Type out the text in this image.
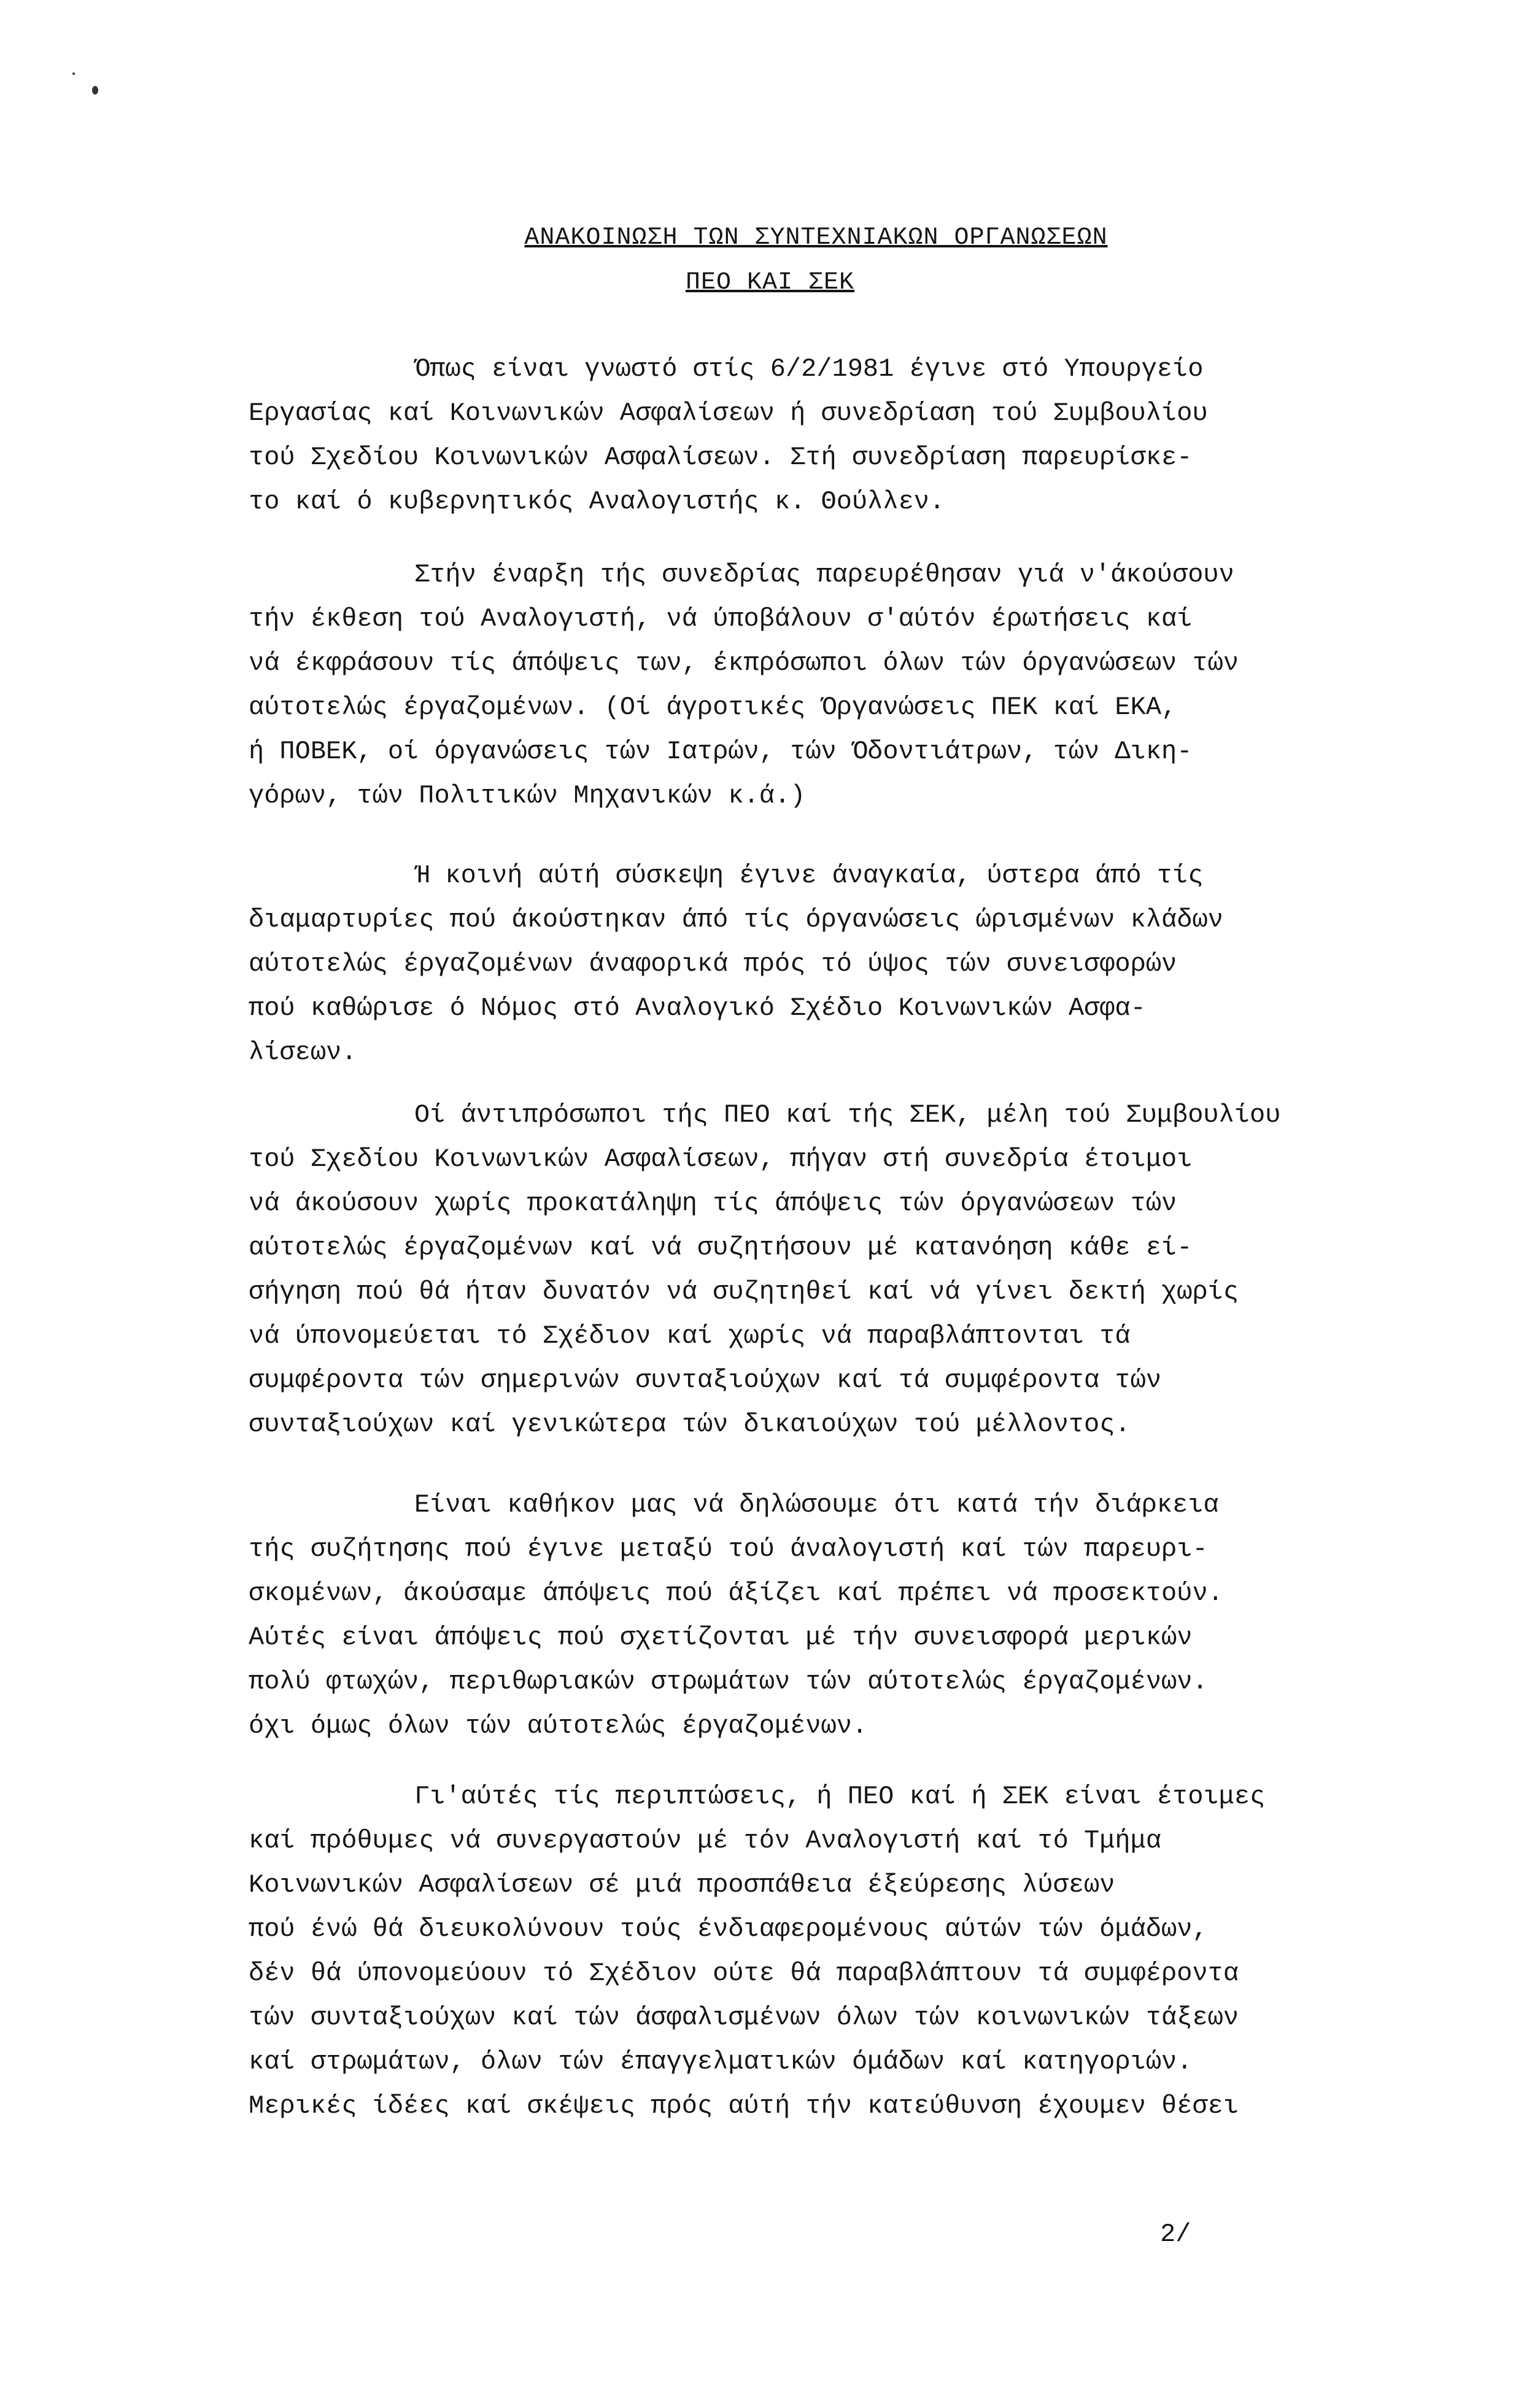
ΑΝΑΚΟΙΝΩΣΗ ΤΩΝ ΣΥΝΤΕΧΝΙΑΚΩΝ ΟΡΓΑΝΩΣΕΩΝ
ΠΕΟ ΚΑΙ ΣΕΚ
Όπως είναι γνωστό στίς 6/2/1981 έγινε στό Υπουργείο
Εργασίας καί Κοινωνικών Ασφαλίσεων ή συνεδρίαση τού Συμβουλίου
τού Σχεδίου Κοινωνικών Ασφαλίσεων. Στή συνεδρίαση παρευρίσκε-
το καί ό κυβερνητικός Αναλογιστής κ. Θούλλεν.
Στήν έναρξη τής συνεδρίας παρευρέθησαν γιά ν'άκούσουν
τήν έκθεση τού Αναλογιστή, νά ύποβάλουν σ'αύτόν έρωτήσεις καί
νά έκφράσουν τίς άπόψεις των, έκπρόσωποι όλων τών όργανώσεων τών
αύτοτελώς έργαζομένων. (Οί άγροτικές Όργανώσεις ΠΕΚ καί ΕΚΑ,
ή ΠΟΒΕΚ, οί όργανώσεις τών Ιατρών, τών Όδοντιάτρων, τών Δικη-
γόρων, τών Πολιτικών Μηχανικών κ.ά.)
Ή κοινή αύτή σύσκεψη έγινε άναγκαία, ύστερα άπό τίς
διαμαρτυρίες πού άκούστηκαν άπό τίς όργανώσεις ώρισμένων κλάδων
αύτοτελώς έργαζομένων άναφορικά πρός τό ύψος τών συνεισφορών
πού καθώρισε ό Νόμος στό Αναλογικό Σχέδιο Κοινωνικών Ασφα-
λίσεων.
Οί άντιπρόσωποι τής ΠΕΟ καί τής ΣΕΚ, μέλη τού Συμβουλίου
τού Σχεδίου Κοινωνικών Ασφαλίσεων, πήγαν στή συνεδρία έτοιμοι
νά άκούσουν χωρίς προκατάληψη τίς άπόψεις τών όργανώσεων τών
αύτοτελώς έργαζομένων καί νά συζητήσουν μέ κατανόηση κάθε εί-
σήγηση πού θά ήταν δυνατόν νά συζητηθεί καί νά γίνει δεκτή χωρίς
νά ύπονομεύεται τό Σχέδιον καί χωρίς νά παραβλάπτονται τά
συμφέροντα τών σημερινών συνταξιούχων καί τά συμφέροντα τών
συνταξιούχων καί γενικώτερα τών δικαιούχων τού μέλλοντος.
Είναι καθήκον μας νά δηλώσουμε ότι κατά τήν διάρκεια
τής συζήτησης πού έγινε μεταξύ τού άναλογιστή καί τών παρευρι-
σκομένων, άκούσαμε άπόψεις πού άξίζει καί πρέπει νά προσεκτούν.
Αύτές είναι άπόψεις πού σχετίζονται μέ τήν συνεισφορά μερικών
πολύ φτωχών, περιθωριακών στρωμάτων τών αύτοτελώς έργαζομένων.
όχι όμως όλων τών αύτοτελώς έργαζομένων.
Γι'αύτές τίς περιπτώσεις, ή ΠΕΟ καί ή ΣΕΚ είναι έτοιμες
καί πρόθυμες νά συνεργαστούν μέ τόν Αναλογιστή καί τό Τμήμα
Κοινωνικών Ασφαλίσεων σέ μιά προσπάθεια έξεύρεσης λύσεων
πού ένώ θά διευκολύνουν τούς ένδιαφερομένους αύτών τών όμάδων,
δέν θά ύπονομεύουν τό Σχέδιον ούτε θά παραβλάπτουν τά συμφέροντα
τών συνταξιούχων καί τών άσφαλισμένων όλων τών κοινωνικών τάξεων
καί στρωμάτων, όλων τών έπαγγελματικών όμάδων καί κατηγοριών.
Μερικές ίδέες καί σκέψεις πρός αύτή τήν κατεύθυνση έχουμεν θέσει
2/
